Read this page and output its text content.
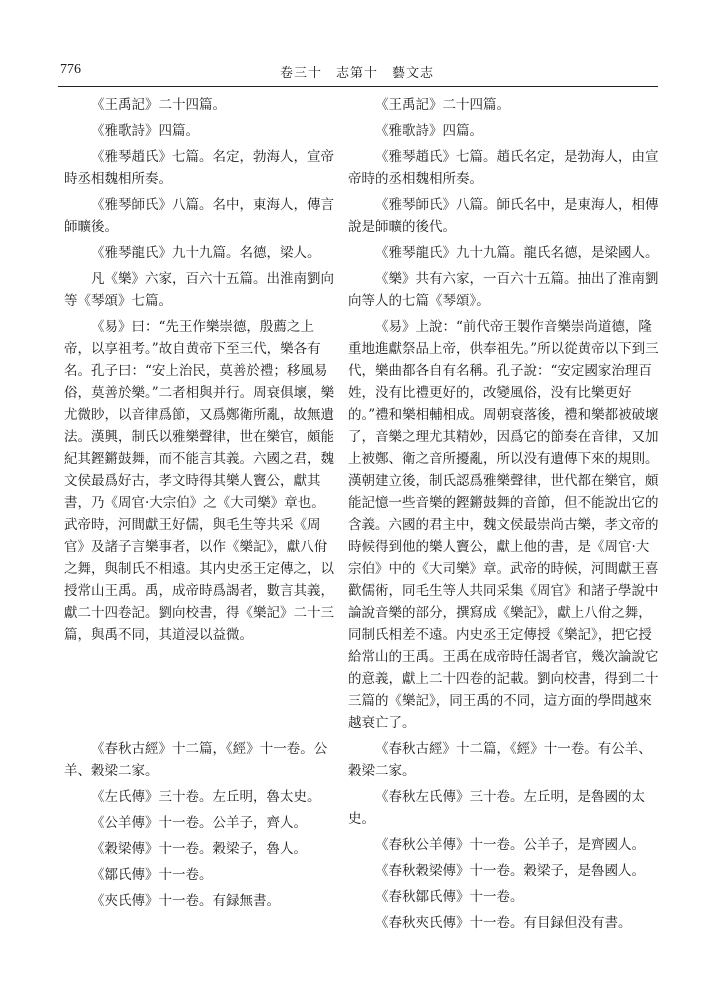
776	卷三十　志第十　藝文志

《王禹記》二十四篇。

《雅歌詩》四篇。

《雅琴趙氏》七篇。名定，勃海人，宣帝時丞相魏相所奏。

《雅琴師氏》八篇。名中，東海人，傳言師曠後。

《雅琴龍氏》九十九篇。名德，梁人。

凡《樂》六家，百六十五篇。出淮南劉向等《琴頌》七篇。

《易》曰：“先王作樂崇德，殷薦之上帝，以享祖考。”故自黄帝下至三代，樂各有名。孔子曰：“安上治民，莫善於禮；移風易俗，莫善於樂。”二者相與并行。周衰俱壞，樂尤微眇，以音律爲節，又爲鄭衛所亂，故無遺法。漢興，制氏以雅樂聲律，世在樂官，頗能紀其鏗鏘鼓舞，而不能言其義。六國之君，魏文侯最爲好古，孝文時得其樂人竇公，獻其書，乃《周官·大宗伯》之《大司樂》章也。武帝時，河間獻王好儒，與毛生等共采《周官》及諸子言樂事者，以作《樂記》，獻八佾之舞，與制氏不相遠。其内史丞王定傳之，以授常山王禹。禹，成帝時爲謁者，數言其義，獻二十四卷記。劉向校書，得《樂記》二十三篇，與禹不同，其道浸以益微。

《王禹記》二十四篇。

《雅歌詩》四篇。

《雅琴趙氏》七篇。趙氏名定，是勃海人，由宣帝時的丞相魏相所奏。

《雅琴師氏》八篇。師氏名中，是東海人，相傳說是師曠的後代。

《雅琴龍氏》九十九篇。龍氏名德，是梁國人。

《樂》共有六家，一百六十五篇。抽出了淮南劉向等人的七篇《琴頌》。

《易》上說：“前代帝王製作音樂崇尚道德，隆重地進獻祭品上帝，供奉祖先。”所以從黄帝以下到三代，樂曲都各自有名稱。孔子說：“安定國家治理百姓，没有比禮更好的，改變風俗，没有比樂更好的。”禮和樂相輔相成。周朝衰落後，禮和樂都被破壞了，音樂之理尤其精妙，因爲它的節奏在音律，又加上被鄭、衛之音所擾亂，所以没有遺傳下來的規則。漢朝建立後，制氏認爲雅樂聲律，世代都在樂官，頗能記憶一些音樂的鏗鏘鼓舞的音節，但不能說出它的含義。六國的君主中，魏文侯最崇尚古樂，孝文帝的時候得到他的樂人竇公，獻上他的書，是《周官·大宗伯》中的《大司樂》章。武帝的時候，河間獻王喜歡儒術，同毛生等人共同采集《周官》和諸子學說中論說音樂的部分，撰寫成《樂記》，獻上八佾之舞，同制氏相差不遠。内史丞王定傳授《樂記》，把它授給常山的王禹。王禹在成帝時任謁者官，幾次論說它的意義，獻上二十四卷的記載。劉向校書，得到二十三篇的《樂記》，同王禹的不同，這方面的學問越來越衰亡了。

《春秋古經》十二篇，《經》十一卷。公羊、穀梁二家。

《左氏傳》三十卷。左丘明，魯太史。

《公羊傳》十一卷。公羊子，齊人。

《穀梁傳》十一卷。穀梁子，魯人。

《鄒氏傳》十一卷。

《夾氏傳》十一卷。有録無書。

《春秋古經》十二篇，《經》十一卷。有公羊、穀梁二家。

《春秋左氏傳》三十卷。左丘明，是魯國的太史。

《春秋公羊傳》十一卷。公羊子，是齊國人。

《春秋穀梁傳》十一卷。穀梁子，是魯國人。

《春秋鄒氏傳》十一卷。

《春秋夾氏傳》十一卷。有目録但没有書。
